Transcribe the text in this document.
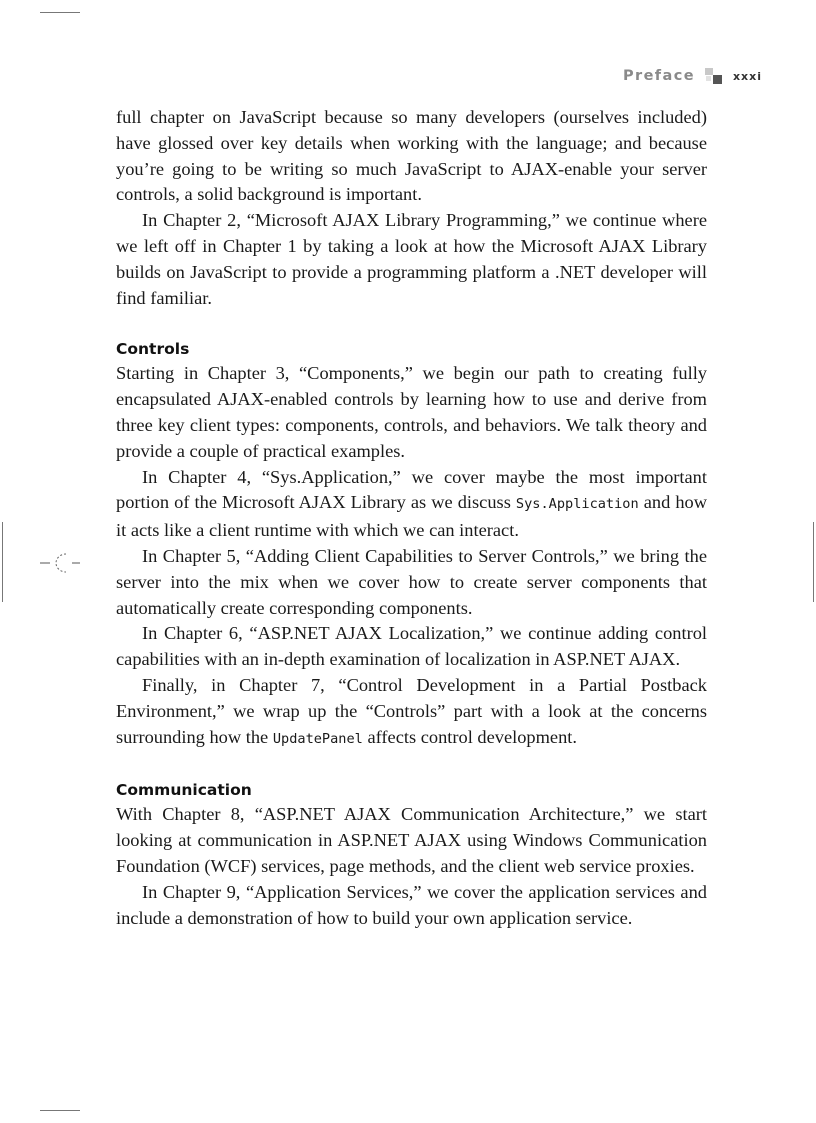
Preface	xxxi

full chapter on JavaScript because so many developers (ourselves included) have glossed over key details when working with the language; and because you’re going to be writing so much JavaScript to AJAX-enable your server controls, a solid background is important.

In Chapter 2, “Microsoft AJAX Library Programming,” we continue where we left off in Chapter 1 by taking a look at how the Microsoft AJAX Library builds on JavaScript to provide a programming platform a .NET developer will find familiar.

Controls

Starting in Chapter 3, “Components,” we begin our path to creating fully encapsulated AJAX-enabled controls by learning how to use and derive from three key client types: components, controls, and behaviors. We talk theory and provide a couple of practical examples.

In Chapter 4, “Sys.Application,” we cover maybe the most important portion of the Microsoft AJAX Library as we discuss Sys.Application and how it acts like a client runtime with which we can interact.

In Chapter 5, “Adding Client Capabilities to Server Controls,” we bring the server into the mix when we cover how to create server components that automatically create corresponding components.

In Chapter 6, “ASP.NET AJAX Localization,” we continue adding control capabilities with an in-depth examination of localization in ASP.NET AJAX.

Finally, in Chapter 7, “Control Development in a Partial Postback Environment,” we wrap up the “Controls” part with a look at the concerns surrounding how the UpdatePanel affects control development.

Communication

With Chapter 8, “ASP.NET AJAX Communication Architecture,” we start looking at communication in ASP.NET AJAX using Windows Communication Foundation (WCF) services, page methods, and the client web service proxies.

In Chapter 9, “Application Services,” we cover the application services and include a demonstration of how to build your own application service.
